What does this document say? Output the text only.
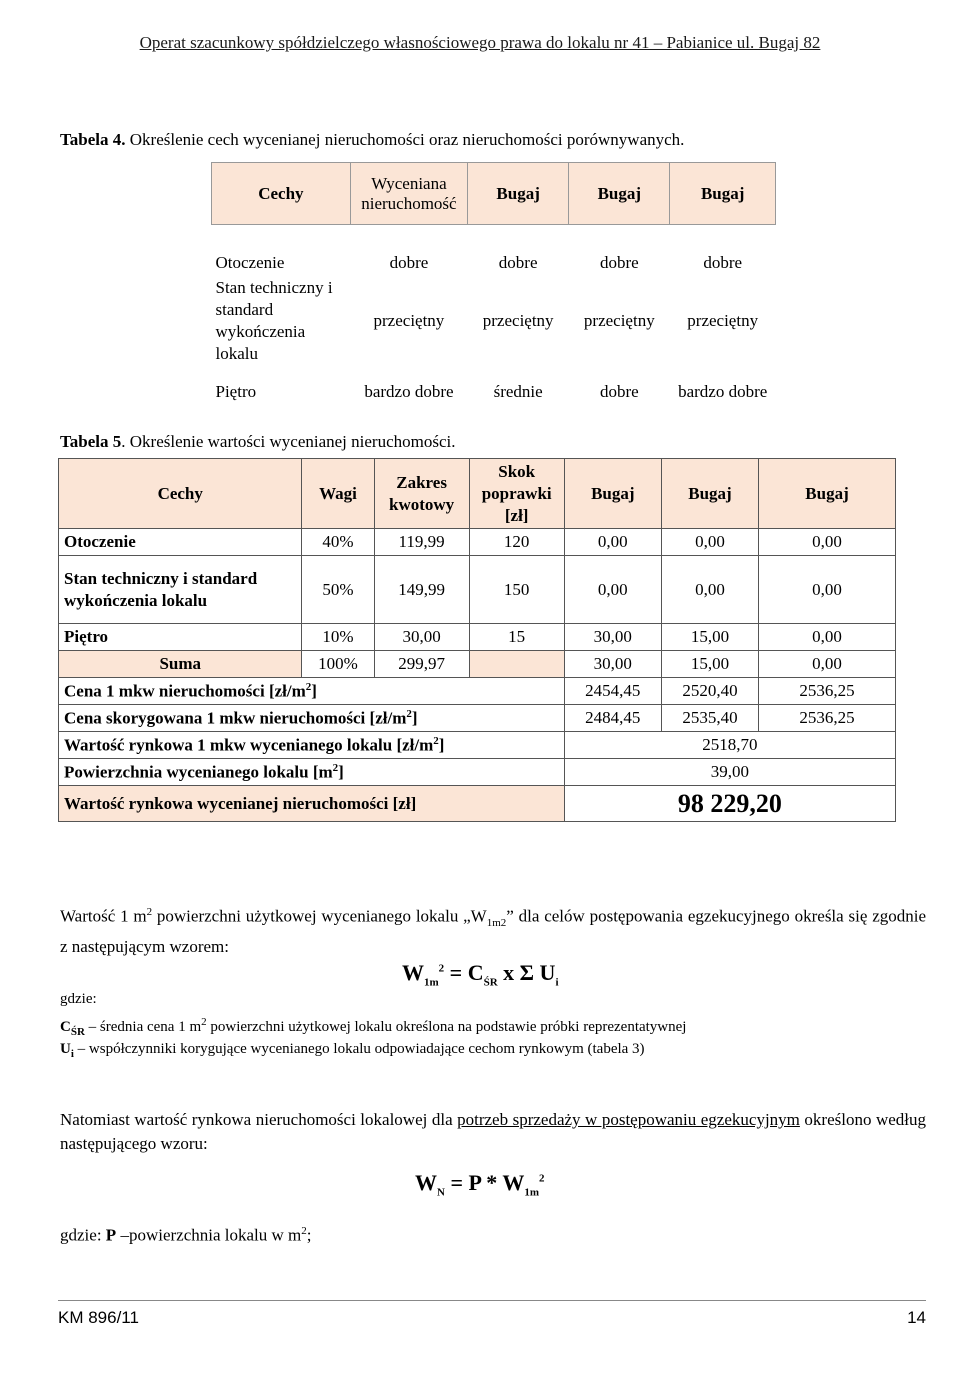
Operat szacunkowy spółdzielczego własnościowego prawa do lokalu nr 41 – Pabianice ul. Bugaj 82
Tabela 4. Określenie cech wycenianej nieruchomości oraz nieruchomości porównywanych.
Cechy	Wyceniana nieruchomość	Bugaj	Bugaj	Bugaj

Otoczenie	dobre	dobre	dobre	dobre
Stan techniczny i standard wykończenia lokalu	przeciętny	przeciętny	przeciętny	przeciętny
Piętro	bardzo dobre	średnie	dobre	bardzo dobre
Tabela 5. Określenie wartości wycenianej nieruchomości.
Cechy	Wagi	Zakres kwotowy	Skok poprawki [zł]	Bugaj	Bugaj	Bugaj
Otoczenie	40%	119,99	120	0,00	0,00	0,00
Stan techniczny i standard wykończenia lokalu	50%	149,99	150	0,00	0,00	0,00
Piętro	10%	30,00	15	30,00	15,00	0,00
Suma	100%	299,97		30,00	15,00	0,00
Cena 1 mkw nieruchomości $[zł/m^2]$				2454,45	2520,40	2536,25
Cena skorygowana 1 mkw nieruchomości $[zł/m^2]$				2484,45	2535,40	2536,25
Wartość rynkowa 1 mkw wycenianego lokalu $[zł/m^2]$				2518,70		
Powierzchnia wycenianego lokalu $[m^2]$				39,00		
Wartość rynkowa wycenianej nieruchomości [zł]				98 229,20		
Wartość 1 $m^2$ powierzchni użytkowej wycenianego lokalu $„W_{1m2}$” dla celów postępowania egzekucyjnego określa się zgodnie z następującym wzorem:
$W_{1m}^2 = C_{ŚR}$ x Σ $U_i$
gdzie:
$C_{ŚR}$ – średnia cena 1 $m^2$ powierzchni użytkowej lokalu określona na podstawie próbki reprezentatywnej
$U_i$ – współczynniki korygujące wycenianego lokalu odpowiadające cechom rynkowym (tabela 3)
Natomiast wartość rynkowa nieruchomości lokalowej dla potrzeb sprzedaży w postępowaniu egzekucyjnym określono według następującego wzoru:
$W_N = P * W_{1m}^2$
gdzie: P –powierzchnia lokalu w $m^2$;
KM 896/11	14
